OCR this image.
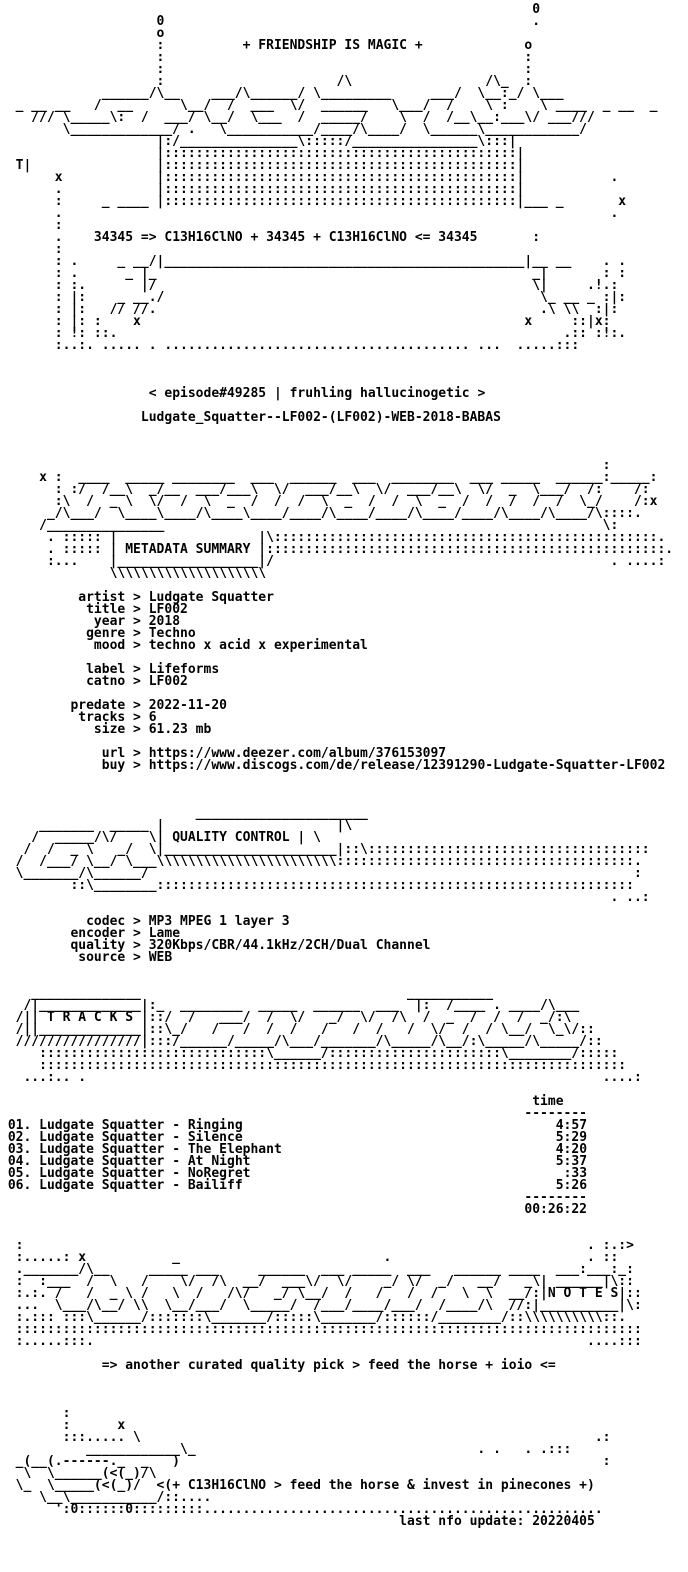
0
0                                               .
o
:          + FRIENDSHIP IS MAGIC +             o
:                                              :
:                                              :
:                      /\                 /\_  :
______/\__    ___/\______/ \_________     ___/  \__:_/ \___
_ __ __   /  __      \__/  /  ___  \/  ______   \___/  /    \ :    \ ____  _ __  _
/// \_____\:  /  ___/ \__/  \___  /  _____/    \  /  /__\__:___\/ ___///
\_____________/ .   \___________/____/\____/  \______\____________/
|:/_______________\:::::/________________\:::|
|:::::::::::::::::::::::::::::::::::::::::::::|
T|                |:::::::::::::::::::::::::::::::::::::::::::::|
x            |:::::::::::::::::::::::::::::::::::::::::::::|           .
.            |:::::::::::::::::::::::::::::::::::::::::::::|
:     _ ____ |:::::::::::::::::::::::::::::::::::::::::::::|___ _       x
.                                                                      .
:
.    34345 => C13H16ClNO + 34345 + C13H16ClNO <= 34345       :
:
: .     _ __/|______________________________________________|__ __    . .
: .      _ |_                                                _|       : :
: :.       |/                                                \|     .!.:
: |:    _ __./                                                \_ __ _ :|:
: |:   // //.                                                 .\ \\  :|:
: |: :    x                                                 x     ::|x:
: !: ::.                                                         .:: :!:.
:..:. ..... . ....................................... ...  .....:::
< episode#49285 | fruhling hallucinogetic >
Ludgate_Squatter--LF002-(LF002)-WEB-2018-BABAS
:
x :  ____  _____ ________  ___  ______  ___  ________  ___ _____  ______:_____:
: :/  /__\  _/__  ___/___\  \/  ___/__\  \/  ___/__\  \/  _  \___/  /:    /:
:\  /  _ \  \/  /  \  _  /  /  /  \  _  /  /  \  _  /  /  /  /  /  \_/    /:x
_/\___/  \____\____/\____\____/____/\____/____/\____/____/\____/\____/\::::.
/_______________                                                        \:
. ::::: |                  |\:::::::::::::::::::::::::::::::::::::::::::::::::.
. ::::: | METADATA SUMMARY |:::::::::::::::::::::::::::::::::::::::::::::::::::.
:...    |__________________|/                                           . ....:
\\\\\\\\\\\\\\\\\\\\
artist > Ludgate Squatter
title > LF002
year > 2018
genre > Techno
mood > techno x acid x experimental
label > Lifeforms
catno > LF002
predate > 2022-11-20
tracks > 6
size > 61.23 mb
url > https://www.deezer.com/album/376153097
buy > https://www.discogs.com/de/release/12391290-Ludgate-Squatter-LF002
______________________
_______  _____ |                      |\
/  _____/\/    \| QUALITY CONTROL | \
/  /  _ \   _/  \|______________________|::\::::::::::::::::::::::::::::::::::::
/  /___/ \__/ \___\\\\\\\\\\\\\\\\\\\\\\\::::::::::::::::::::::::::::::::::::::.
\_______/\______/                                                              :
::\________:::::::::::::::::::::::::::::::::::::::::::::::::::::::::::::
. ..:
codec > MP3 MPEG 1 layer 3
encoder > Lame
quality > 320Kbps/CBR/44.1kHz/2CH/Dual Channel
source > WEB
______________                                  ___________
/|_____________|:_  ________  _____  ______  ___  |:  /____ . ____/\___
/|| T R A C K S |::/  /   ___/  /  \/   _/  \/  /\  /  _  /  /  /  _/:\
/||_____________|::\_/   /   /  /  /   /   /  /   /  \/  /  / \__/  \_\/::
////////////////|:::/______/_____/\___/_______/\_____/\__/:\_____/\_____/::
:::::::::::::::::::::::::::::\______/::::::::::::::::::::::\________/:::::
:::::::::::::::::::::::::::::::::::::::::::::::::::::::::::::::::::::::::::
...:.. .                                                                  ....:
time
--------
01. Ludgate Squatter - Ringing	4:57
02. Ludgate Squatter - Silence	5:29
03. Ludgate Squatter - The Elephant	4:20
04. Ludgate Squatter - At Night	5:37
05. Ludgate Squatter - NoRegret	:33
06. Ludgate Squatter - Bailiff	5:26
--------
00:26:22
:                                                                        . :.:>
:.....: x           _                          .                         . ::
._______/\__     _____ ___     ______  ___ _____  ___   ______ ____  ___:___:_:
:  :___  /  \   /    \/  /\  __/  ___\/  \/    _/ \/  _/   __/   _\| ______|\::
:.:. /   /  _ \ /   \  /   /\/   _/ \__/  /   /   /  /   \  \  __/:|N O T E S|::
...  \___/\__/ \\  \__/___/  \_____/  /___/____/___/  /____/\  //:|__________|\:
:.::: :::\______/:::::::\_______/:::::\_______/::::::/________/::\\\\\\\\\\::.
::::::::::::::::::::::::::::::::::::::::::::::::::::::::::::::::::::::::::::::::
:.....:::.                                                               ....:::
=> another curated quality pick > feed the horse + ioio <=
:
:      x
:::..... \                                                          .:
____________\_                                    . .   . .:::
_(__(.------._  _   )                                                      :
\  \______(<(_)/\
\_  \_____(<(_)/  <(+ C13H16ClNO > feed the horse & invest in pinecones +)
\__\___________/::....
':0::::::0:::::::::...................................................
last nfo update: 20220405
